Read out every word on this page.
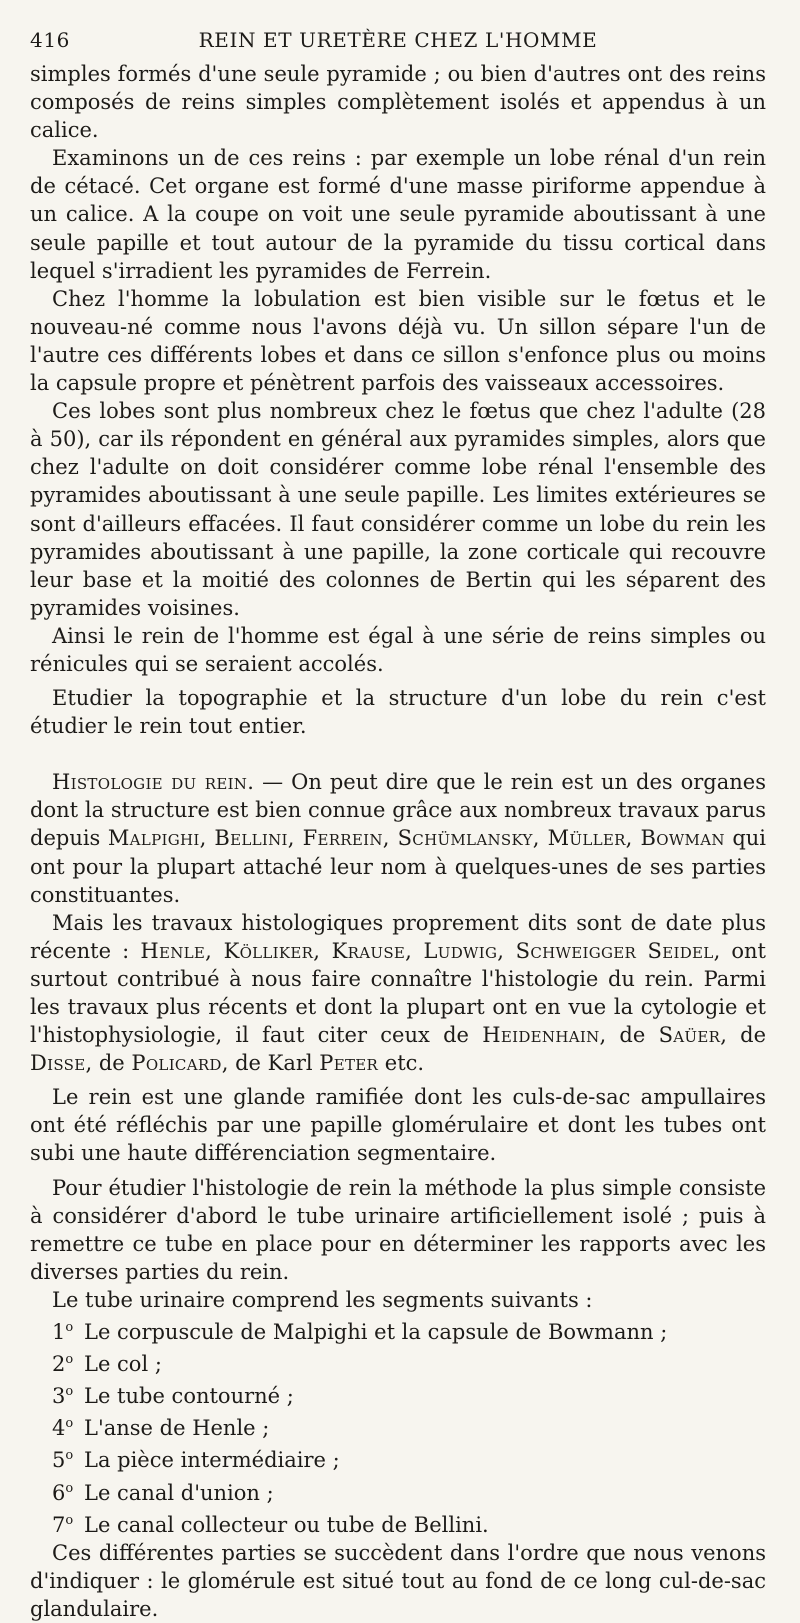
416	REIN ET URETÈRE CHEZ L'HOMME

simples formés d'une seule pyramide ; ou bien d'autres ont des reins composés de reins simples complètement isolés et appendus à un calice.

Examinons un de ces reins : par exemple un lobe rénal d'un rein de cétacé. Cet organe est formé d'une masse piriforme appendue à un calice. A la coupe on voit une seule pyramide aboutissant à une seule papille et tout autour de la pyramide du tissu cortical dans lequel s'irradient les pyramides de Ferrein.

Chez l'homme la lobulation est bien visible sur le fœtus et le nouveau-né comme nous l'avons déjà vu. Un sillon sépare l'un de l'autre ces différents lobes et dans ce sillon s'enfonce plus ou moins la capsule propre et pénètrent parfois des vaisseaux accessoires.

Ces lobes sont plus nombreux chez le fœtus que chez l'adulte (28 à 50), car ils répondent en général aux pyramides simples, alors que chez l'adulte on doit considérer comme lobe rénal l'ensemble des pyramides aboutissant à une seule papille. Les limites extérieures se sont d'ailleurs effacées. Il faut considérer comme un lobe du rein les pyramides aboutissant à une papille, la zone corticale qui recouvre leur base et la moitié des colonnes de Bertin qui les séparent des pyramides voisines.

Ainsi le rein de l'homme est égal à une série de reins simples ou rénicules qui se seraient accolés.

Etudier la topographie et la structure d'un lobe du rein c'est étudier le rein tout entier.

Histologie du rein. — On peut dire que le rein est un des organes dont la structure est bien connue grâce aux nombreux travaux parus depuis Malpighi, Bellini, Ferrein, Schümlansky, Müller, Bowman qui ont pour la plupart attaché leur nom à quelques-unes de ses parties constituantes.

Mais les travaux histologiques proprement dits sont de date plus récente : Henle, Kölliker, Krause, Ludwig, Schweigger Seidel, ont surtout contribué à nous faire connaître l'histologie du rein. Parmi les travaux plus récents et dont la plupart ont en vue la cytologie et l'histophysiologie, il faut citer ceux de Heidenhain, de Saüer, de Disse, de Policard, de Karl Peter etc.

Le rein est une glande ramifiée dont les culs-de-sac ampullaires ont été réfléchis par une papille glomérulaire et dont les tubes ont subi une haute différenciation segmentaire.

Pour étudier l'histologie de rein la méthode la plus simple consiste à considérer d'abord le tube urinaire artificiellement isolé ; puis à remettre ce tube en place pour en déterminer les rapports avec les diverses parties du rein.

Le tube urinaire comprend les segments suivants :

1$^o$ Le corpuscule de Malpighi et la capsule de Bowmann ;
2$^o$ Le col ;
3$^o$ Le tube contourné ;
4$^o$ L'anse de Henle ;
5$^o$ La pièce intermédiaire ;
6$^o$ Le canal d'union ;
7$^o$ Le canal collecteur ou tube de Bellini.

Ces différentes parties se succèdent dans l'ordre que nous venons d'indiquer : le glomérule est situé tout au fond de ce long cul-de-sac glandulaire.
